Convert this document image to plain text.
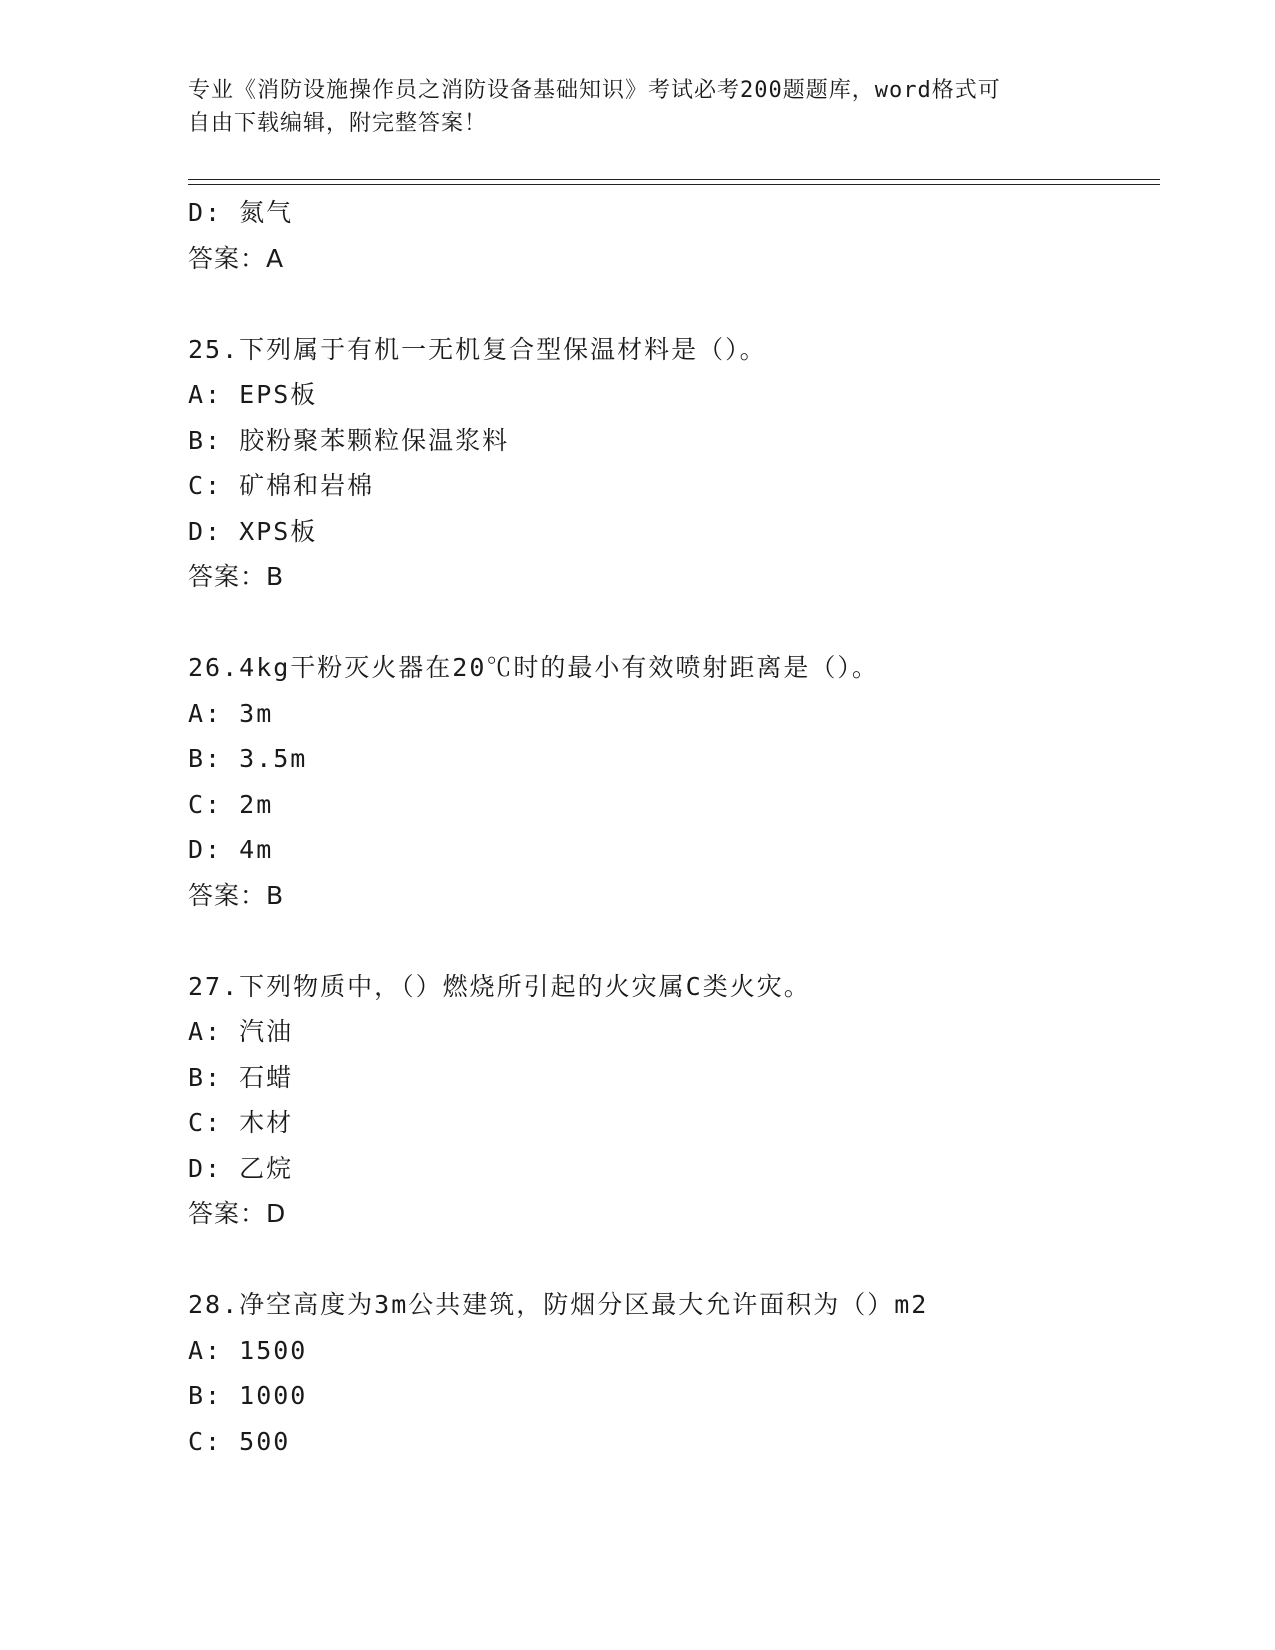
专业《消防设施操作员之消防设备基础知识》考试必考200题题库，word格式可
自由下载编辑，附完整答案！
D: 氮气
答案：A
25.下列属于有机一无机复合型保温材料是（）。
A: EPS板
B: 胶粉聚苯颗粒保温浆料
C: 矿棉和岩棉
D: XPS板
答案：B
26.4kg干粉灭火器在20℃时的最小有效喷射距离是（）。
A: 3m
B: 3.5m
C: 2m
D: 4m
答案：B
27.下列物质中，（）燃烧所引起的火灾属C类火灾。
A: 汽油
B: 石蜡
C: 木材
D: 乙烷
答案：D
28.净空高度为3m公共建筑，防烟分区最大允许面积为（）m2
A: 1500
B: 1000
C: 500
